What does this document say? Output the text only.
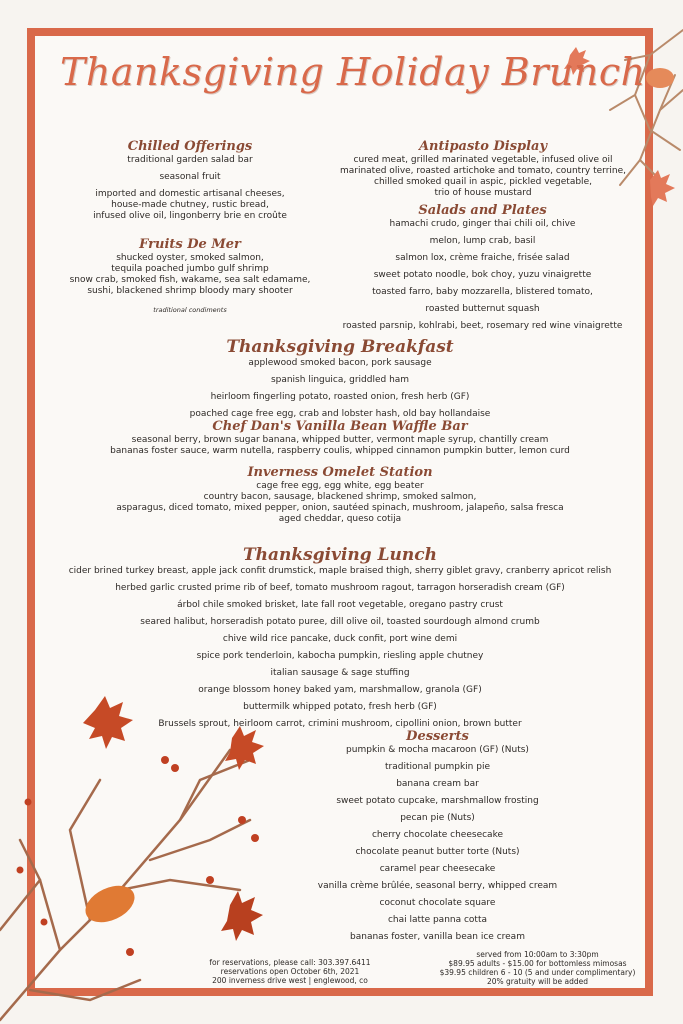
Thanksgiving Holiday Brunch
Chilled Offerings
traditional garden salad bar
seasonal fruit
imported and domestic artisanal cheeses,
house-made chutney, rustic bread,
infused olive oil, lingonberry brie en croûte
Antipasto Display
cured meat, grilled marinated vegetable, infused olive oil
marinated olive, roasted artichoke and tomato, country terrine,
chilled smoked quail in aspic, pickled vegetable,
trio of house mustard
Fruits De Mer
shucked oyster, smoked salmon,
tequila poached jumbo gulf shrimp
snow crab, smoked fish, wakame, sea salt edamame,
sushi, blackened shrimp bloody mary shooter
traditional condiments
Salads and Plates
hamachi crudo, ginger thai chili oil, chive
melon, lump crab, basil
salmon lox, crème fraiche, frisée salad
sweet potato noodle, bok choy, yuzu vinaigrette
toasted farro, baby mozzarella, blistered tomato,
roasted butternut squash
roasted parsnip, kohlrabi, beet, rosemary red wine vinaigrette
Thanksgiving Breakfast
applewood smoked bacon, pork sausage
spanish linguica, griddled ham
heirloom fingerling potato, roasted onion, fresh herb (GF)
poached cage free egg, crab and lobster hash, old bay hollandaise
Chef Dan's Vanilla Bean Waffle Bar
seasonal berry, brown sugar banana, whipped butter, vermont maple syrup, chantilly cream
bananas foster sauce, warm nutella, raspberry coulis, whipped cinnamon pumpkin butter, lemon curd
Inverness Omelet Station
cage free egg, egg white, egg beater
country bacon, sausage, blackened shrimp, smoked salmon,
asparagus, diced tomato, mixed pepper, onion, sautéed spinach, mushroom, jalapeño, salsa fresca
aged cheddar, queso cotija
Thanksgiving Lunch
cider brined turkey breast, apple jack confit drumstick, maple braised thigh, sherry giblet gravy, cranberry apricot relish
herbed garlic crusted prime rib of beef, tomato mushroom ragout, tarragon horseradish cream (GF)
árbol chile smoked brisket, late fall root vegetable, oregano pastry crust
seared halibut, horseradish potato puree, dill olive oil, toasted sourdough almond crumb
chive wild rice pancake, duck confit, port wine demi
spice pork tenderloin, kabocha pumpkin, riesling apple chutney
italian sausage & sage stuffing
orange blossom honey baked yam, marshmallow, granola (GF)
buttermilk whipped potato, fresh herb (GF)
Brussels sprout, heirloom carrot, crimini mushroom, cipollini onion, brown butter
Desserts
pumpkin & mocha macaroon (GF) (Nuts)
traditional pumpkin pie
banana cream bar
sweet potato cupcake, marshmallow frosting
pecan pie (Nuts)
cherry chocolate cheesecake
chocolate peanut butter torte (Nuts)
caramel pear cheesecake
vanilla crème brûlée, seasonal berry, whipped cream
coconut chocolate square
chai latte panna cotta
bananas foster, vanilla bean ice cream
for reservations, please call: 303.397.6411
reservations open October 6th, 2021
200 inverness drive west | englewood, co
served from 10:00am to 3:30pm
$89.95 adults - $15.00 for bottomless mimosas
$39.95 children 6 - 10 (5 and under complimentary)
20% gratuity will be added
